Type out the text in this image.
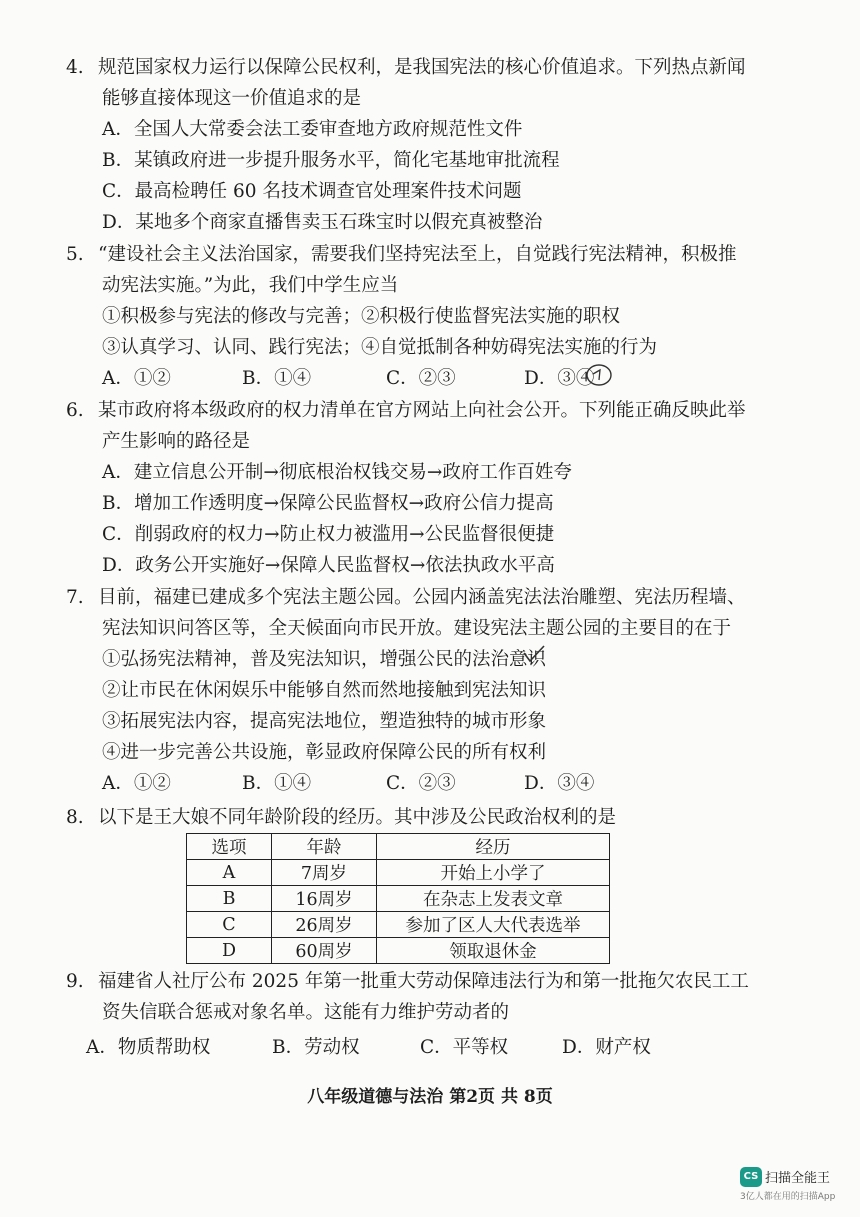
4. 规范国家权力运行以保障公民权利，是我国宪法的核心价值追求。下列热点新闻
能够直接体现这一价值追求的是
A．全国人大常委会法工委审查地方政府规范性文件
B．某镇政府进一步提升服务水平，简化宅基地审批流程
C．最高检聘任 60 名技术调查官处理案件技术问题
D．某地多个商家直播售卖玉石珠宝时以假充真被整治
5. “建设社会主义法治国家，需要我们坚持宪法至上，自觉践行宪法精神，积极推
动宪法实施。”为此，我们中学生应当
①积极参与宪法的修改与完善；②积极行使监督宪法实施的职权
③认真学习、认同、践行宪法；④自觉抵制各种妨碍宪法实施的行为
A．①②	B．①④	C．②③	D．③④
6. 某市政府将本级政府的权力清单在官方网站上向社会公开。下列能正确反映此举
产生影响的路径是
A．建立信息公开制→彻底根治权钱交易→政府工作百姓夸
B．增加工作透明度→保障公民监督权→政府公信力提高
C．削弱政府的权力→防止权力被滥用→公民监督很便捷
D．政务公开实施好→保障人民监督权→依法执政水平高
7. 目前，福建已建成多个宪法主题公园。公园内涵盖宪法法治雕塑、宪法历程墙、
宪法知识问答区等，全天候面向市民开放。建设宪法主题公园的主要目的在于
①弘扬宪法精神，普及宪法知识，增强公民的法治意识
②让市民在休闲娱乐中能够自然而然地接触到宪法知识
③拓展宪法内容，提高宪法地位，塑造独特的城市形象
④进一步完善公共设施，彰显政府保障公民的所有权利
A．①②	B．①④	C．②③	D．③④
8. 以下是王大娘不同年龄阶段的经历。其中涉及公民政治权利的是
选项	年龄	经历
A	7周岁	开始上小学了
B	16周岁	在杂志上发表文章
C	26周岁	参加了区人大代表选举
D	60周岁	领取退休金
9. 福建省人社厅公布 2025 年第一批重大劳动保障违法行为和第一批拖欠农民工工
资失信联合惩戒对象名单。这能有力维护劳动者的
A．物质帮助权	B．劳动权	C．平等权	D．财产权
八年级道德与法治 第2页 共 8页
CS 扫描全能王
3亿人都在用的扫描App
